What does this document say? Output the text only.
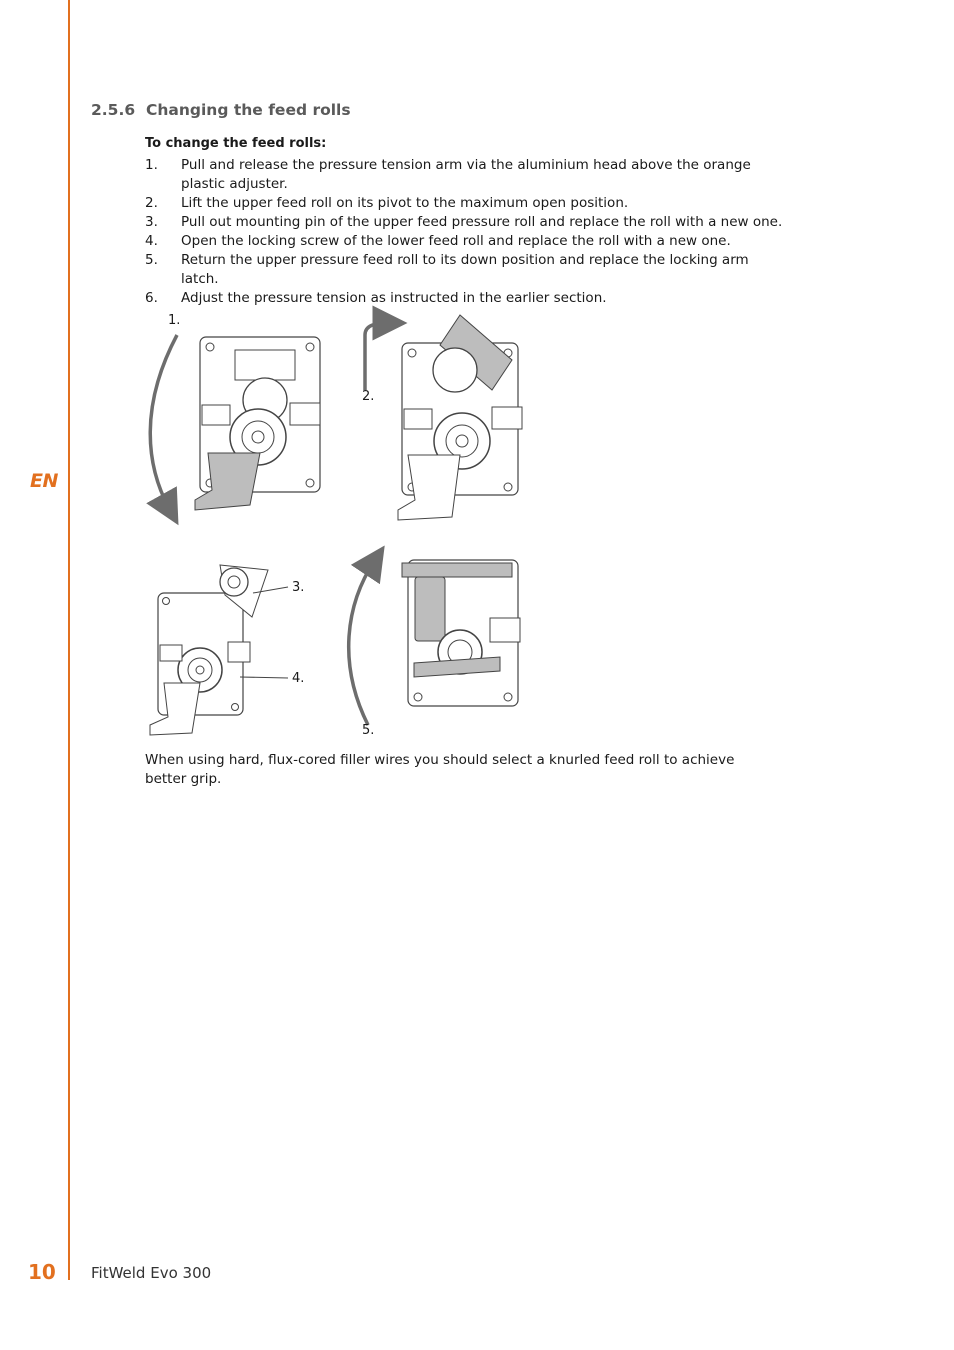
EN
2.5.6 Changing the feed rolls
To change the feed rolls:
1.	Pull and release the pressure tension arm via the aluminium head above the orange plastic adjuster.
2.	Lift the upper feed roll on its pivot to the maximum open position.
3.	Pull out mounting pin of the upper feed pressure roll and replace the roll with a new one.
4.	Open the locking screw of the lower feed roll and replace the roll with a new one.
5.	Return the upper pressure feed roll to its down position and replace the locking arm latch.
6.	Adjust the pressure tension as instructed in the earlier section.
1.
2.
3.
4.
5.
When using hard, flux-cored filler wires you should select a knurled feed roll to achieve better grip.
10 FitWeld Evo 300
